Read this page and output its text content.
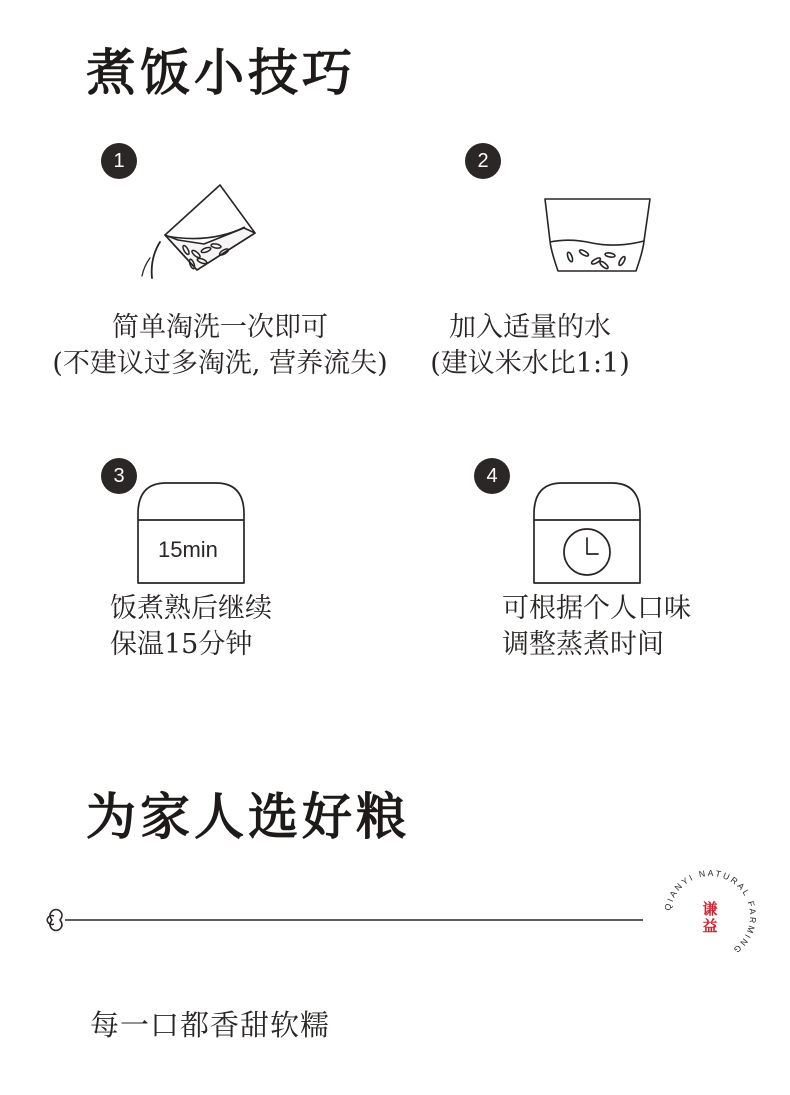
煮饭小技巧
1

简单淘洗一次即可

(不建议过多淘洗, 营养流失)

2

加入适量的水

(建议米水比1:1)

3
15min

饭煮熟后继续

保温15分钟

4

可根据个人口味

调整蒸煮时间

为家人选好粮
QIANYI NATURAL FARMING
谦
益

每一口都香甜软糯
